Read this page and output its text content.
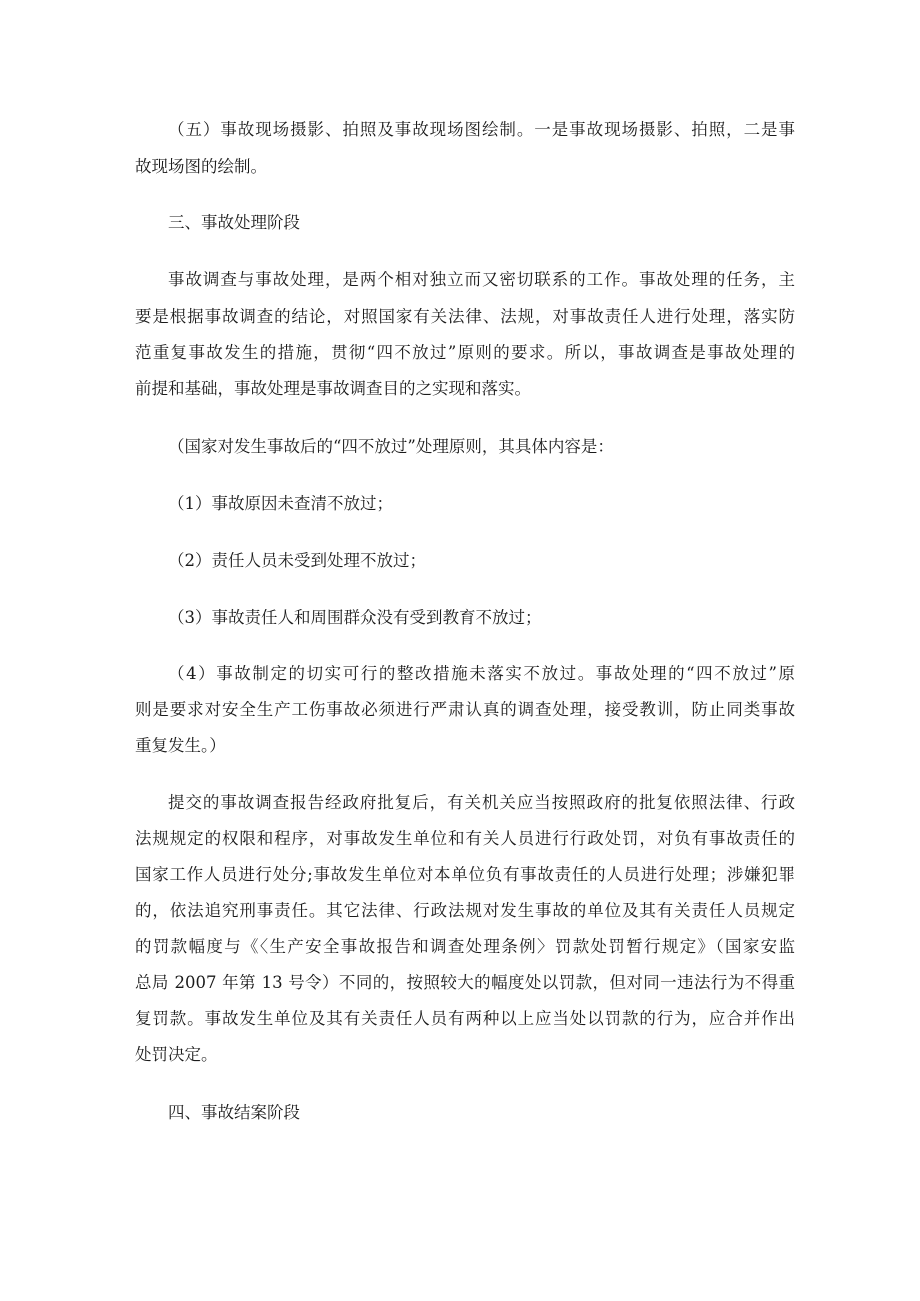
（五）事故现场摄影、拍照及事故现场图绘制。一是事故现场摄影、拍照，二是事
故现场图的绘制。
三、事故处理阶段
事故调查与事故处理，是两个相对独立而又密切联系的工作。事故处理的任务，主
要是根据事故调查的结论，对照国家有关法律、法规，对事故责任人进行处理，落实防
范重复事故发生的措施，贯彻“四不放过”原则的要求。所以，事故调查是事故处理的
前提和基础，事故处理是事故调查目的之实现和落实。
（国家对发生事故后的“四不放过”处理原则，其具体内容是：
（1）事故原因未查清不放过；
（2）责任人员未受到处理不放过；
（3）事故责任人和周围群众没有受到教育不放过；
（4）事故制定的切实可行的整改措施未落实不放过。事故处理的“四不放过”原
则是要求对安全生产工伤事故必须进行严肃认真的调查处理，接受教训，防止同类事故
重复发生。）
提交的事故调查报告经政府批复后，有关机关应当按照政府的批复依照法律、行政
法规规定的权限和程序，对事故发生单位和有关人员进行行政处罚，对负有事故责任的
国家工作人员进行处分;事故发生单位对本单位负有事故责任的人员进行处理；涉嫌犯罪
的，依法追究刑事责任。其它法律、行政法规对发生事故的单位及其有关责任人员规定
的罚款幅度与《〈生产安全事故报告和调查处理条例〉罚款处罚暂行规定》（国家安监
总局 2007 年第 13 号令）不同的，按照较大的幅度处以罚款，但对同一违法行为不得重
复罚款。事故发生单位及其有关责任人员有两种以上应当处以罚款的行为，应合并作出
处罚决定。
四、事故结案阶段
